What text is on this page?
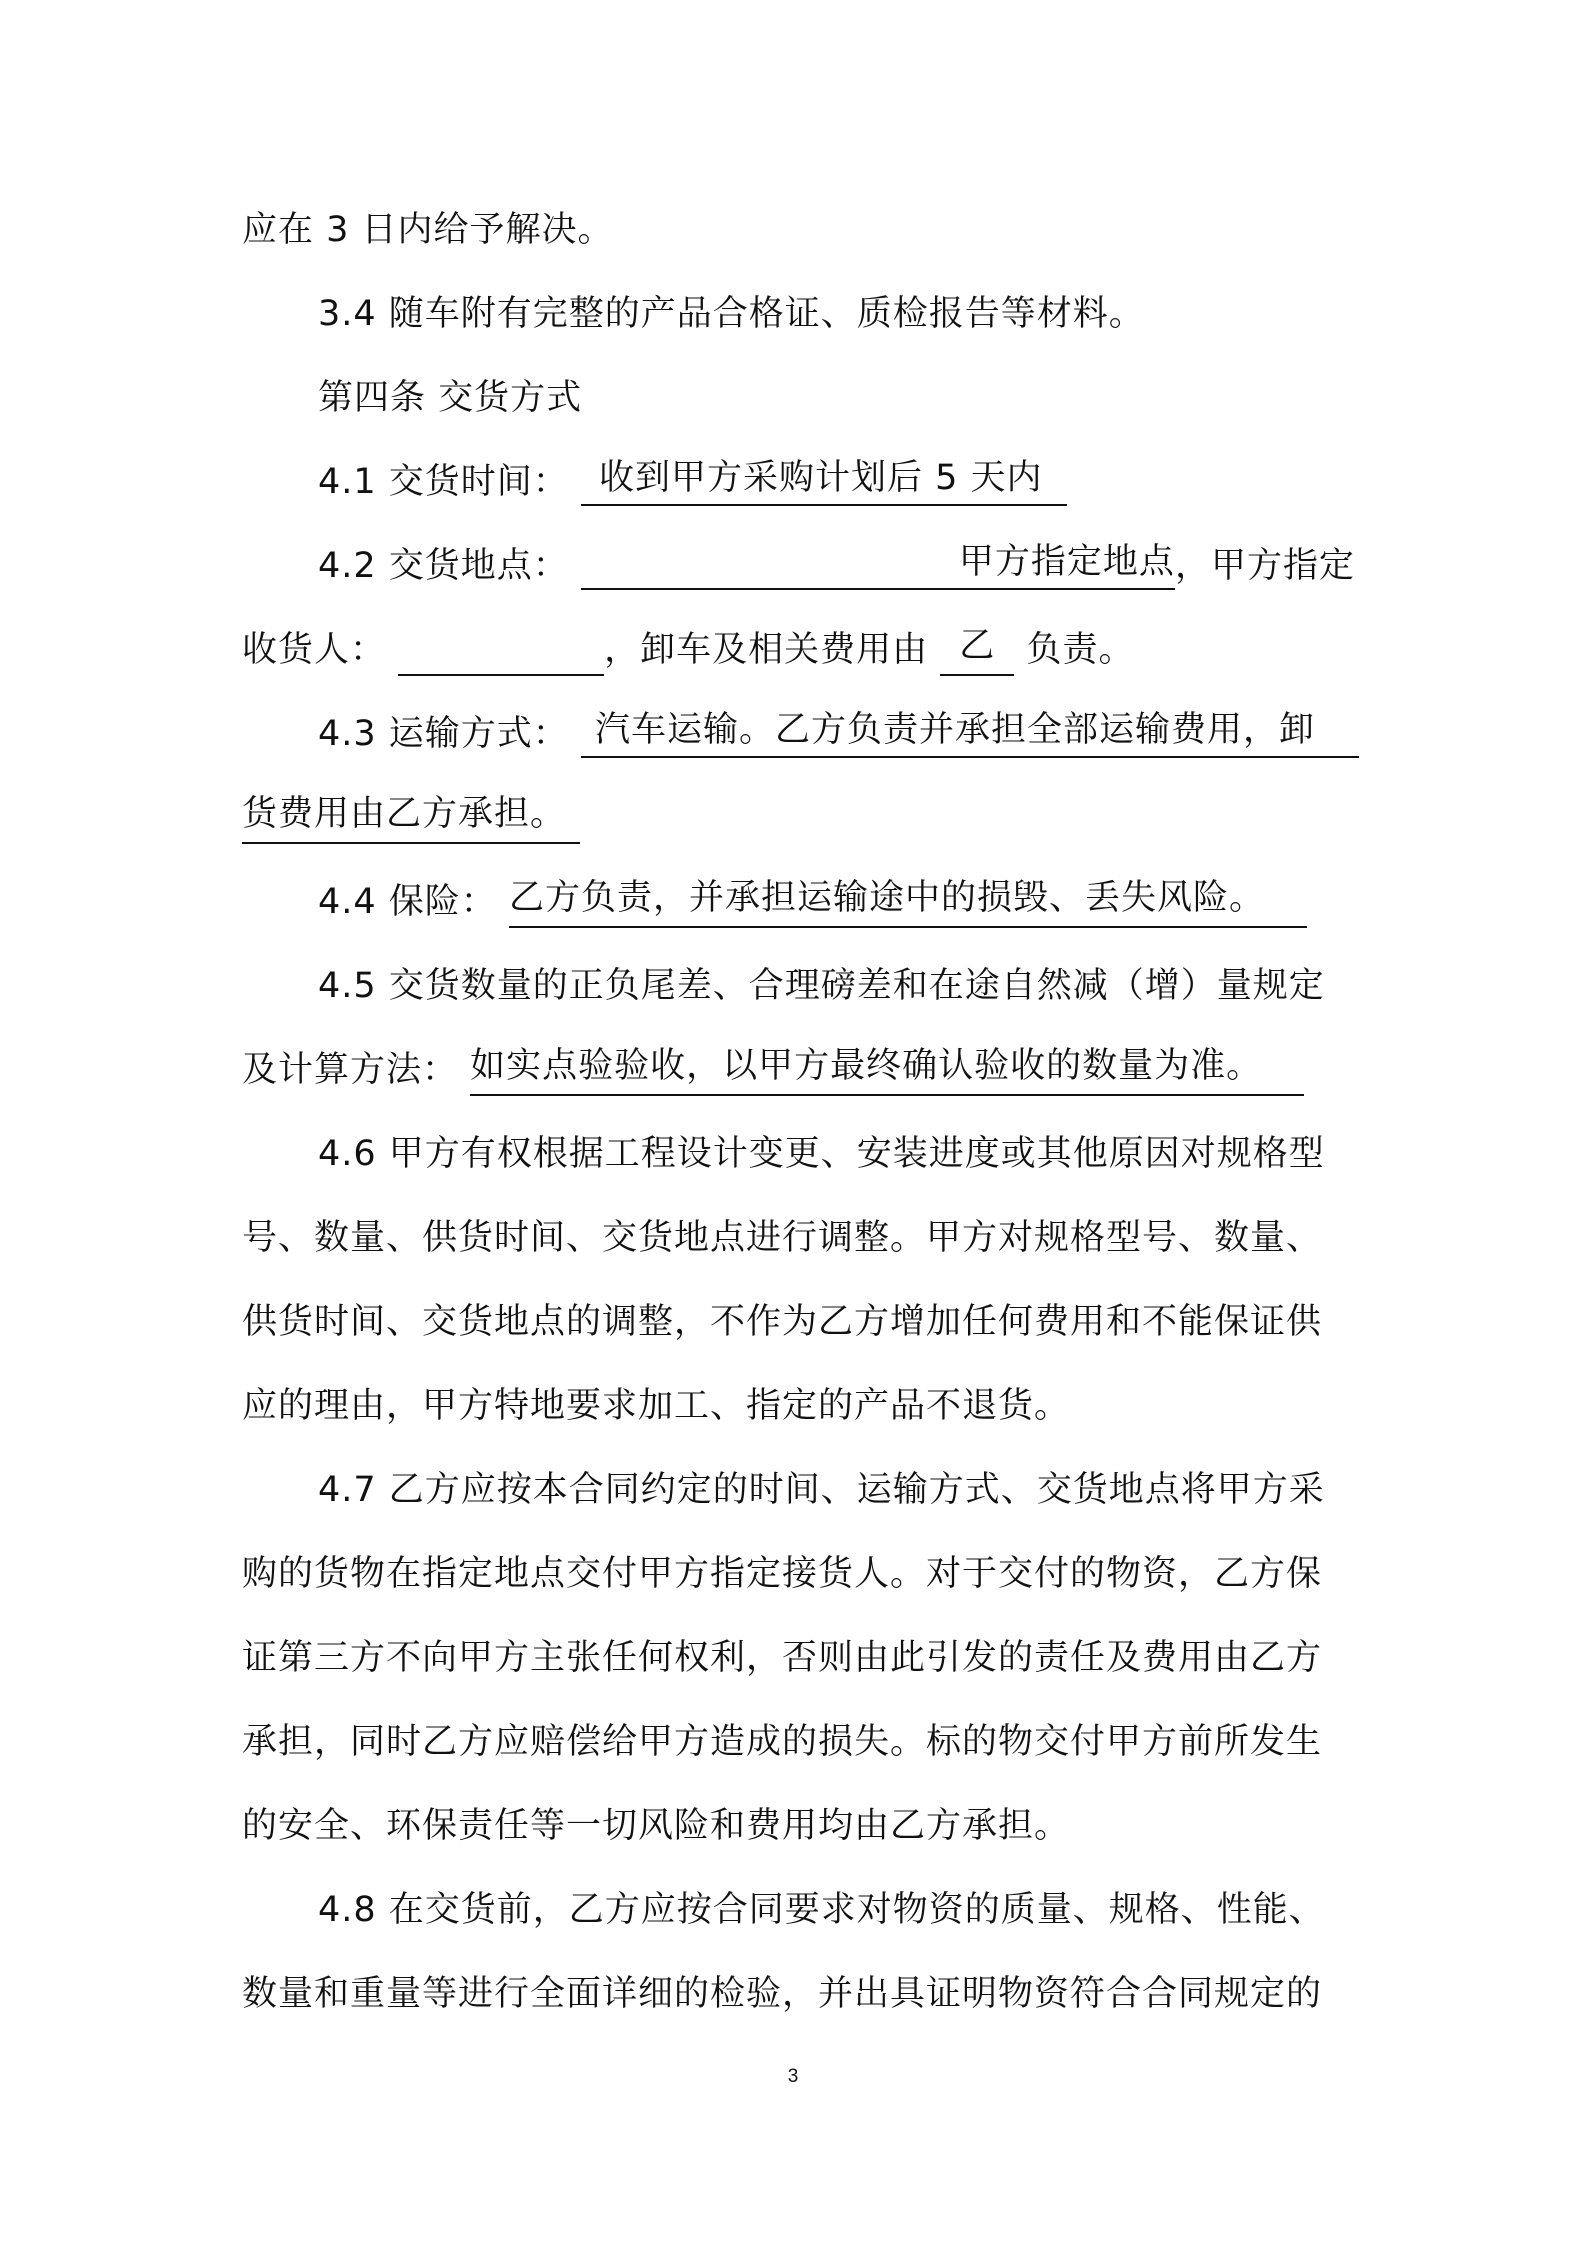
应在 3 日内给予解决。
3.4 随车附有完整的产品合格证、质检报告等材料。
第四条 交货方式
4.1 交货时间： 收到甲方采购计划后 5 天内
4.2 交货地点：	甲方指定地点，甲方指定
收货人：	，卸车及相关费用由 乙 负责。
4.3 运输方式： 汽车运输。乙方负责并承担全部运输费用，卸
货费用由乙方承担。
4.4 保险： 乙方负责，并承担运输途中的损毁、丢失风险。
4.5 交货数量的正负尾差、合理磅差和在途自然减（增）量规定
及计算方法： 如实点验验收，以甲方最终确认验收的数量为准。
4.6 甲方有权根据工程设计变更、安装进度或其他原因对规格型
号、数量、供货时间、交货地点进行调整。甲方对规格型号、数量、
供货时间、交货地点的调整，不作为乙方增加任何费用和不能保证供
应的理由，甲方特地要求加工、指定的产品不退货。
4.7 乙方应按本合同约定的时间、运输方式、交货地点将甲方采
购的货物在指定地点交付甲方指定接货人。对于交付的物资，乙方保
证第三方不向甲方主张任何权利，否则由此引发的责任及费用由乙方
承担，同时乙方应赔偿给甲方造成的损失。标的物交付甲方前所发生
的安全、环保责任等一切风险和费用均由乙方承担。
4.8 在交货前，乙方应按合同要求对物资的质量、规格、性能、
数量和重量等进行全面详细的检验，并出具证明物资符合合同规定的
3
